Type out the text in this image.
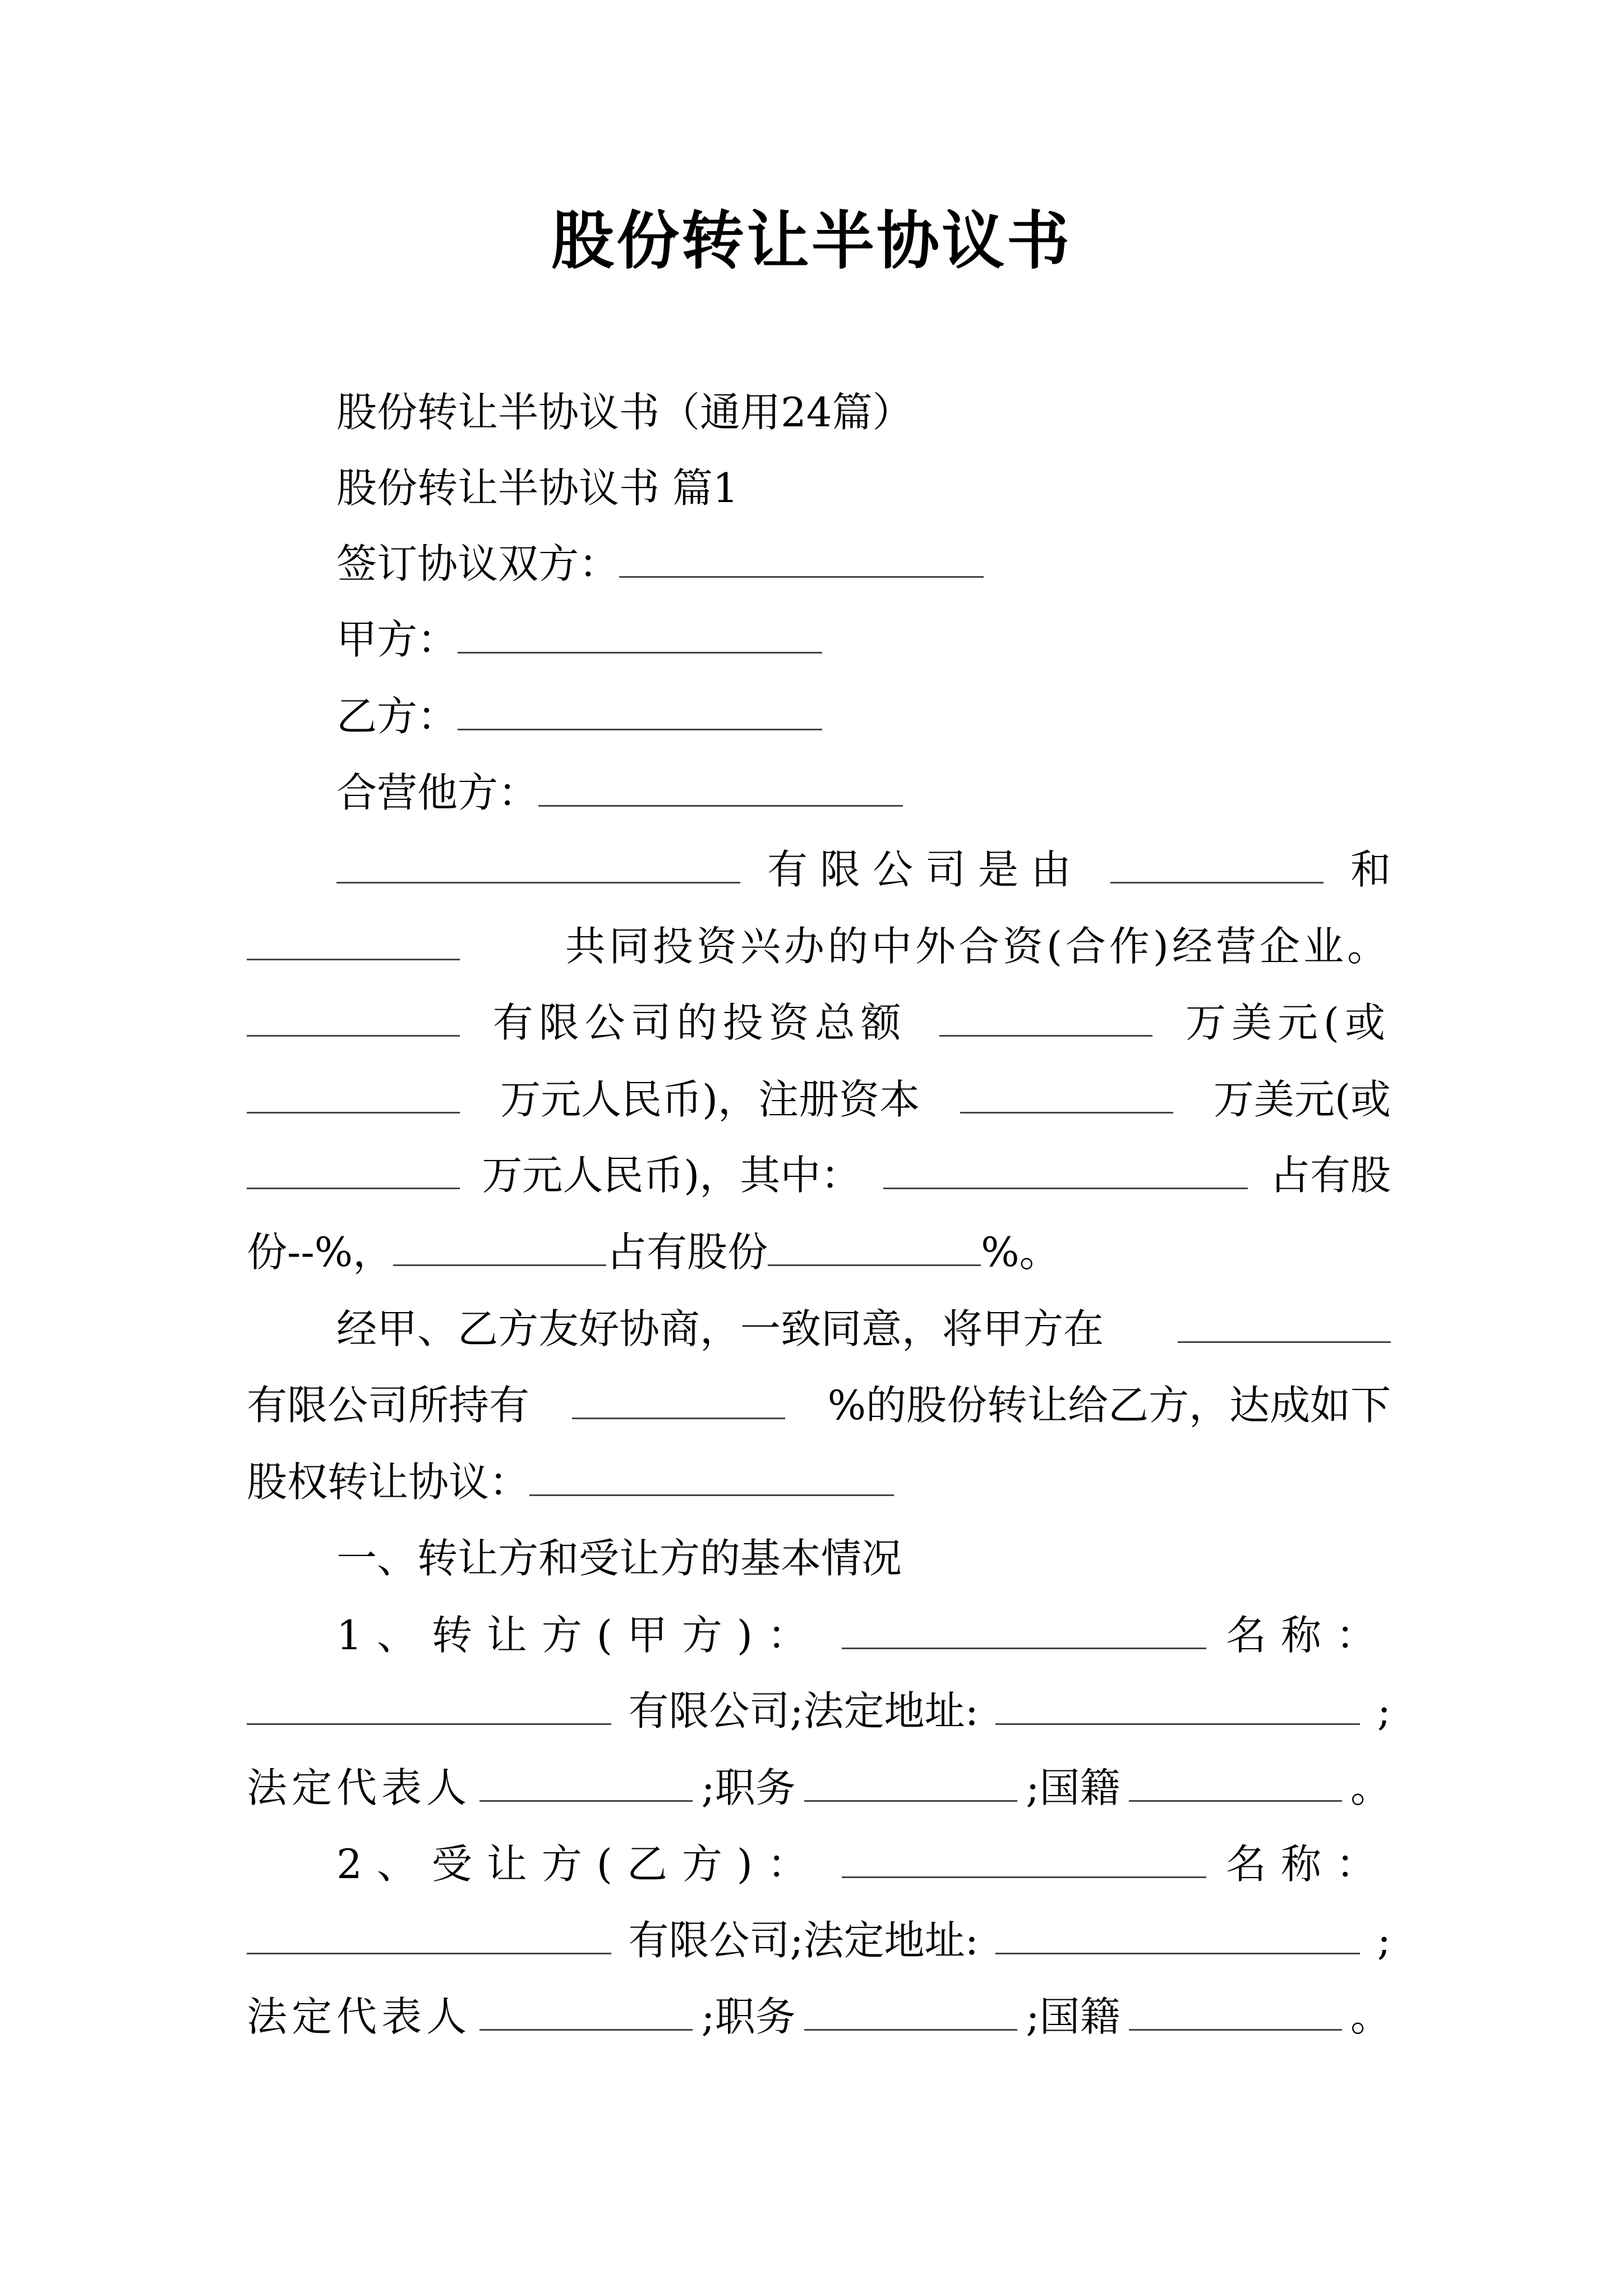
股份转让半协议书
股份转让半协议书（通用24篇）
股份转让半协议书 篇1
签订协议双方：
甲方：
乙方：
合营他方：
有限公司是由	和
共同投资兴办的中外合资(合作)经营企业。
有限公司的投资总额	万美元(或
万元人民币)，注册资本	万美元(或
万元人民币)，其中：	占有股
份--%，	占有股份	%。
经甲、乙方友好协商，一致同意，将甲方在
有限公司所持有	%的股份转让给乙方，达成如下
股权转让协议：
一、转让方和受让方的基本情况
1、转让方(甲方)：	名称：
有限公司;法定地址:	;
法定代表人	;职务	;国籍	。
2、受让方(乙方)：	名称：
有限公司;法定地址:	;
法定代表人	;职务	;国籍	。
